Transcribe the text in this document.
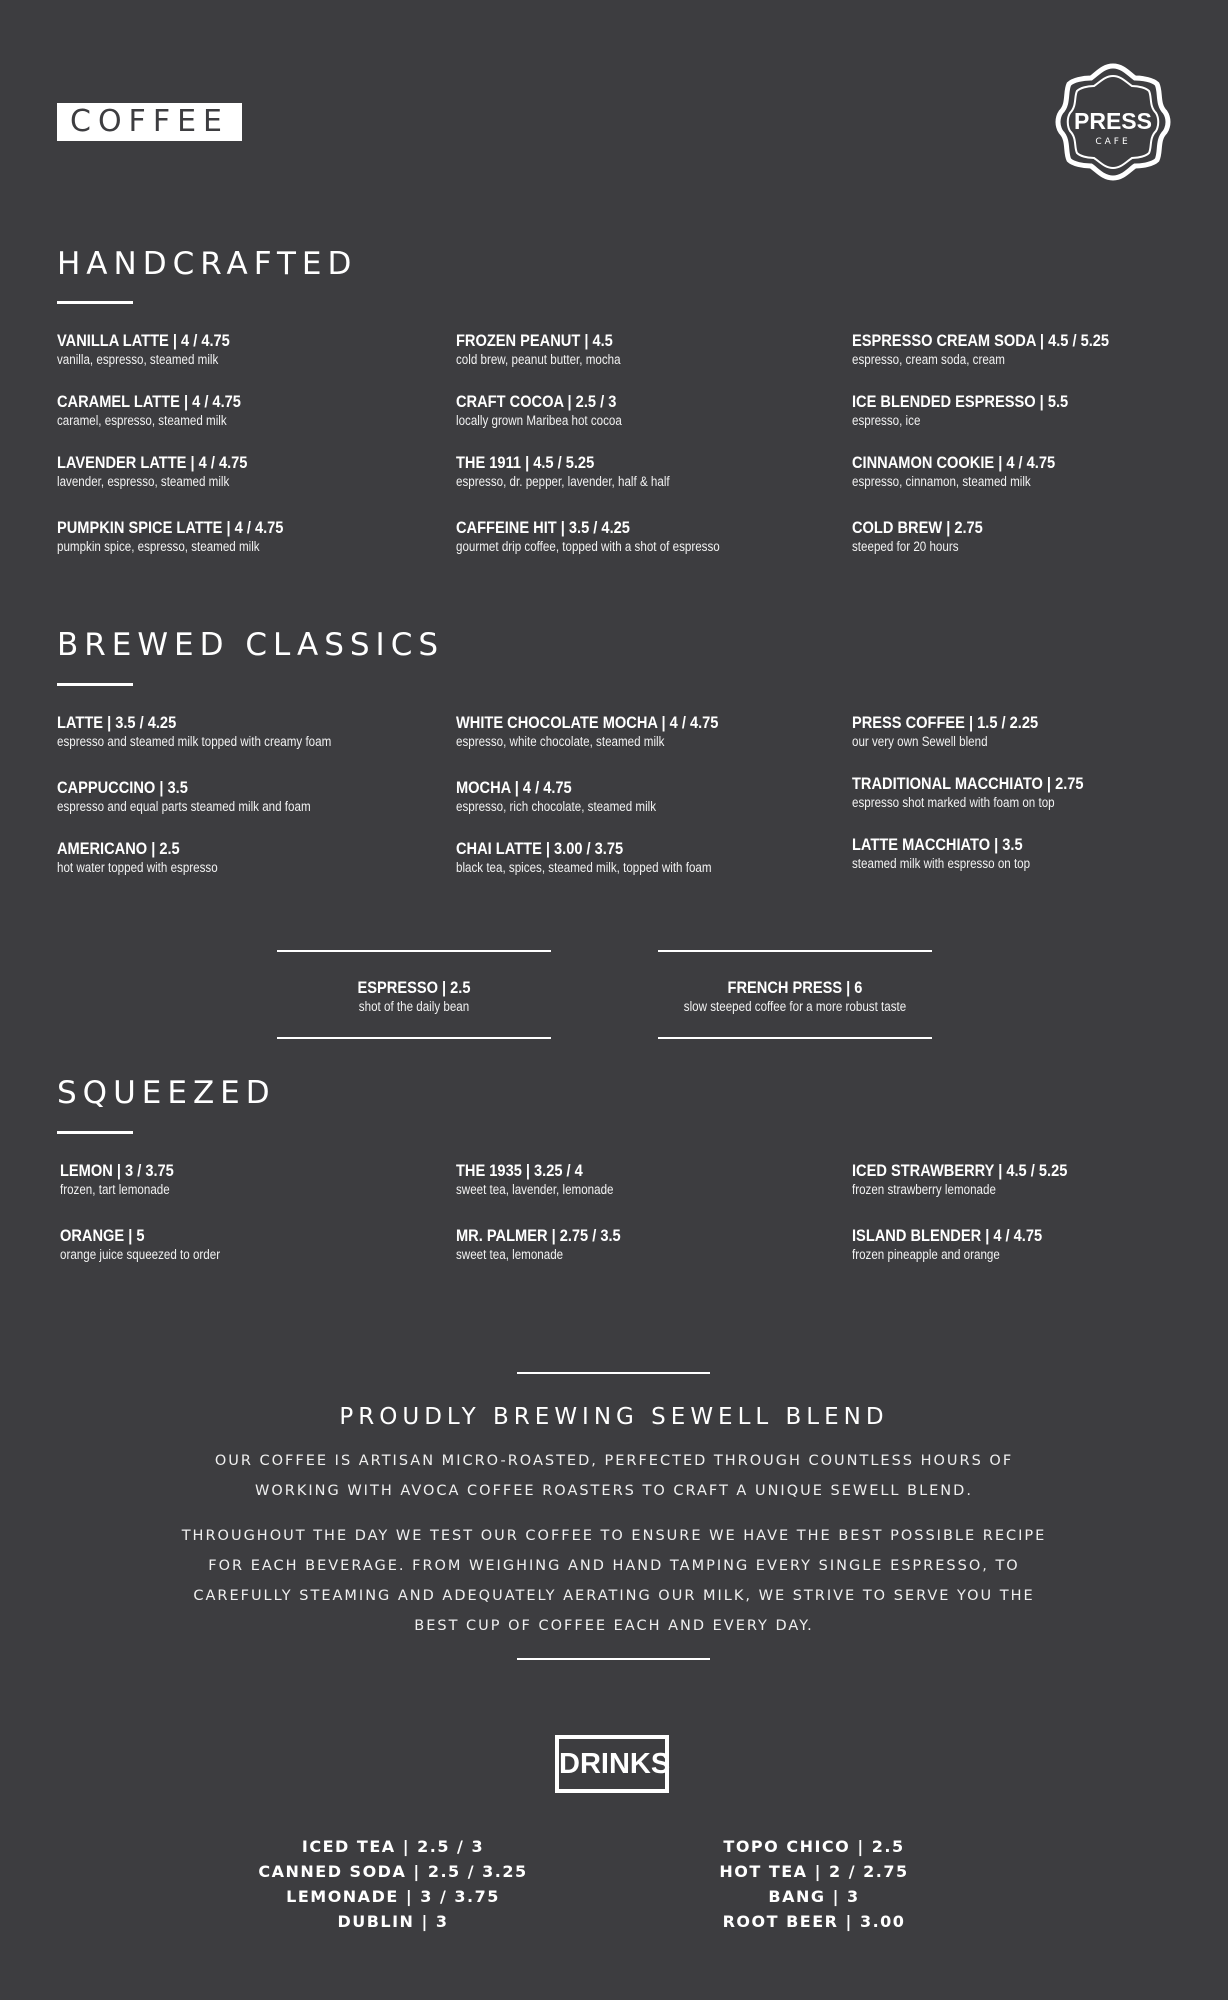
COFFEE	PRESS
CAFE
HANDCRAFTED
VANILLA LATTE | 4 / 4.75
vanilla, espresso, steamed milk
CARAMEL LATTE | 4 / 4.75
caramel, espresso, steamed milk
LAVENDER LATTE | 4 / 4.75
lavender, espresso, steamed milk
PUMPKIN SPICE LATTE | 4 / 4.75
pumpkin spice, espresso, steamed milk
FROZEN PEANUT | 4.5
cold brew, peanut butter, mocha
CRAFT COCOA | 2.5 / 3
locally grown Maribea hot cocoa
THE 1911 | 4.5 / 5.25
espresso, dr. pepper, lavender, half & half
CAFFEINE HIT | 3.5 / 4.25
gourmet drip coffee, topped with a shot of espresso
ESPRESSO CREAM SODA | 4.5 / 5.25
espresso, cream soda, cream
ICE BLENDED ESPRESSO | 5.5
espresso, ice
CINNAMON COOKIE | 4 / 4.75
espresso, cinnamon, steamed milk
COLD BREW | 2.75
steeped for 20 hours
BREWED CLASSICS
LATTE | 3.5 / 4.25
espresso and steamed milk topped with creamy foam
CAPPUCCINO | 3.5
espresso and equal parts steamed milk and foam
AMERICANO | 2.5
hot water topped with espresso
WHITE CHOCOLATE MOCHA | 4 / 4.75
espresso, white chocolate, steamed milk
MOCHA | 4 / 4.75
espresso, rich chocolate, steamed milk
CHAI LATTE | 3.00 / 3.75
black tea, spices, steamed milk, topped with foam
PRESS COFFEE | 1.5 / 2.25
our very own Sewell blend
TRADITIONAL MACCHIATO | 2.75
espresso shot marked with foam on top
LATTE MACCHIATO | 3.5
steamed milk with espresso on top
ESPRESSO | 2.5
shot of the daily bean
FRENCH PRESS | 6
slow steeped coffee for a more robust taste
SQUEEZED
LEMON | 3 / 3.75
frozen, tart lemonade
ORANGE | 5
orange juice squeezed to order
THE 1935 | 3.25 / 4
sweet tea, lavender, lemonade
MR. PALMER | 2.75 / 3.5
sweet tea, lemonade
ICED STRAWBERRY | 4.5 / 5.25
frozen strawberry lemonade
ISLAND BLENDER | 4 / 4.75
frozen pineapple and orange
PROUDLY BREWING SEWELL BLEND
OUR COFFEE IS ARTISAN MICRO-ROASTED, PERFECTED THROUGH COUNTLESS HOURS OF
WORKING WITH AVOCA COFFEE ROASTERS TO CRAFT A UNIQUE SEWELL BLEND.
THROUGHOUT THE DAY WE TEST OUR COFFEE TO ENSURE WE HAVE THE BEST POSSIBLE RECIPE
FOR EACH BEVERAGE. FROM WEIGHING AND HAND TAMPING EVERY SINGLE ESPRESSO, TO
CAREFULLY STEAMING AND ADEQUATELY AERATING OUR MILK, WE STRIVE TO SERVE YOU THE
BEST CUP OF COFFEE EACH AND EVERY DAY.
DRINKS
ICED TEA | 2.5 / 3
CANNED SODA | 2.5 / 3.25
LEMONADE | 3 / 3.75
DUBLIN | 3
TOPO CHICO | 2.5
HOT TEA | 2 / 2.75
BANG | 3
ROOT BEER | 3.00
